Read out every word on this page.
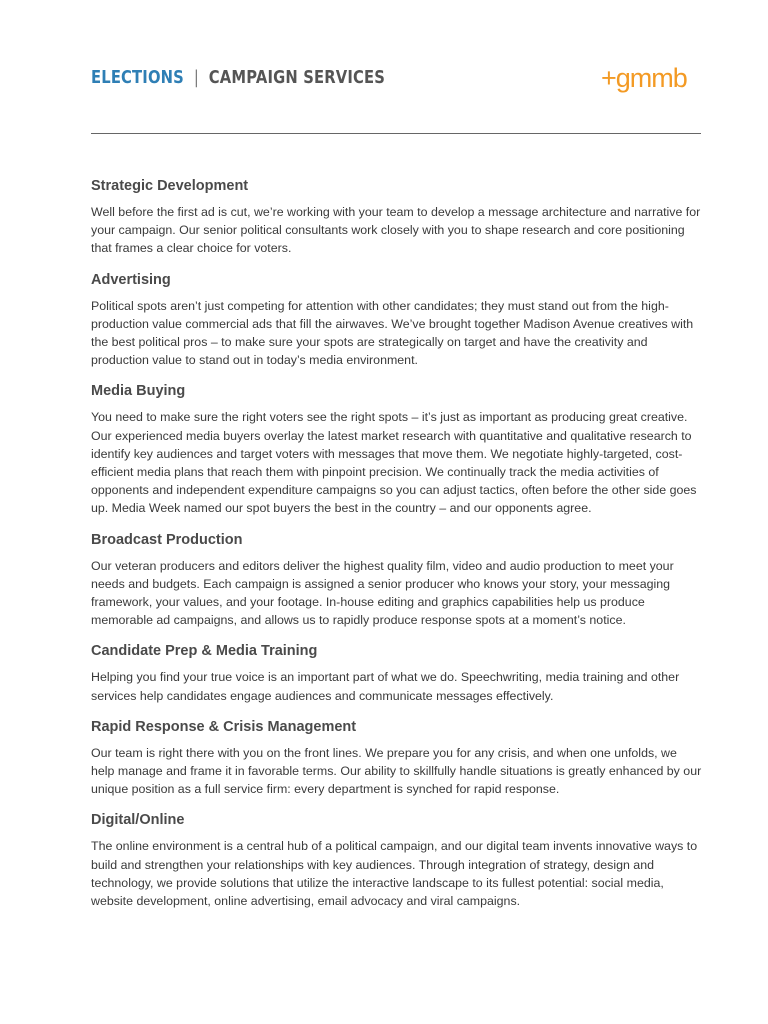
ELECTIONS | CAMPAIGN SERVICES	+gmmb
Strategic Development

Well before the first ad is cut, we’re working with your team to develop a message architecture and narrative for your campaign. Our senior political consultants work closely with you to shape research and core positioning that frames a clear choice for voters.

Advertising

Political spots aren’t just competing for attention with other candidates; they must stand out from the high-production value commercial ads that fill the airwaves. We’ve brought together Madison Avenue creatives with the best political pros – to make sure your spots are strategically on target and have the creativity and production value to stand out in today’s media environment.

Media Buying

You need to make sure the right voters see the right spots – it’s just as important as producing great creative. Our experienced media buyers overlay the latest market research with quantitative and qualitative research to identify key audiences and target voters with messages that move them. We negotiate highly-targeted, cost-efficient media plans that reach them with pinpoint precision. We continually track the media activities of opponents and independent expenditure campaigns so you can adjust tactics, often before the other side goes up. Media Week named our spot buyers the best in the country – and our opponents agree.

Broadcast Production

Our veteran producers and editors deliver the highest quality film, video and audio production to meet your needs and budgets. Each campaign is assigned a senior producer who knows your story, your messaging framework, your values, and your footage. In-house editing and graphics capabilities help us produce memorable ad campaigns, and allows us to rapidly produce response spots at a moment’s notice.

Candidate Prep & Media Training

Helping you find your true voice is an important part of what we do. Speechwriting, media training and other services help candidates engage audiences and communicate messages effectively.

Rapid Response & Crisis Management

Our team is right there with you on the front lines. We prepare you for any crisis, and when one unfolds, we help manage and frame it in favorable terms. Our ability to skillfully handle situations is greatly enhanced by our unique position as a full service firm: every department is synched for rapid response.

Digital/Online

The online environment is a central hub of a political campaign, and our digital team invents innovative ways to build and strengthen your relationships with key audiences. Through integration of strategy, design and technology, we provide solutions that utilize the interactive landscape to its fullest potential: social media, website development, online advertising, email advocacy and viral campaigns.
